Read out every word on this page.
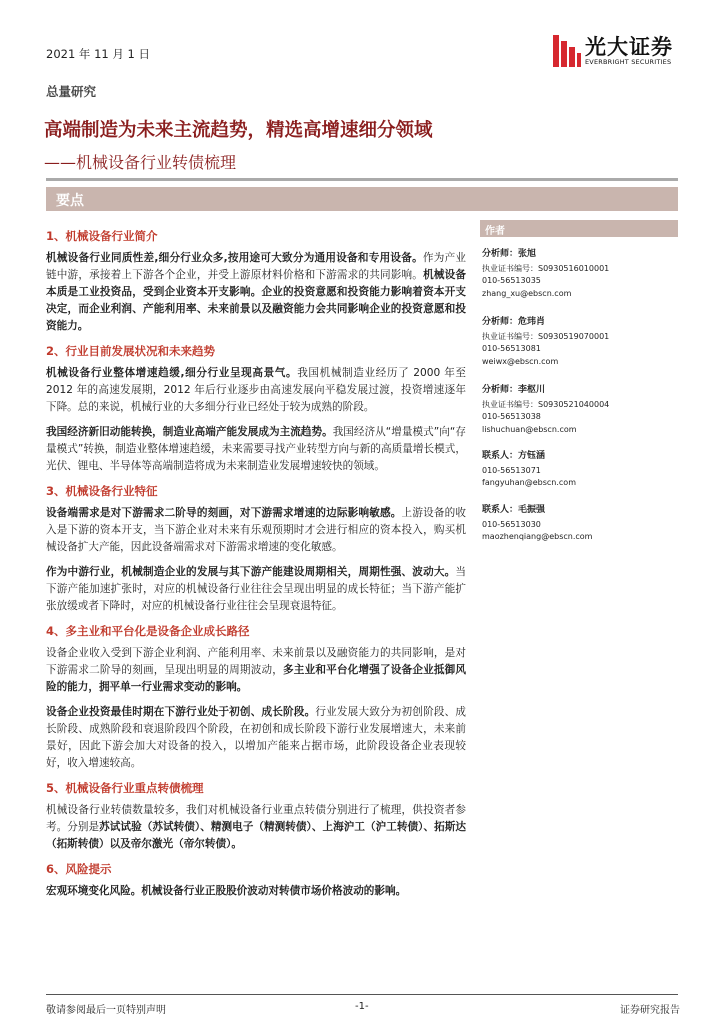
2021 年 11 月 1 日	光大证券
EVERBRIGHT SECURITIES
总量研究
高端制造为未来主流趋势，精选高增速细分领域
——机械设备行业转债梳理
要点
1、机械设备行业简介

机械设备行业同质性差,细分行业众多,按用途可大致分为通用设备和专用设备。作为产业链中游，承接着上下游各个企业，并受上游原材料价格和下游需求的共同影响。机械设备本质是工业投资品，受到企业资本开支影响。企业的投资意愿和投资能力影响着资本开支决定，而企业利润、产能利用率、未来前景以及融资能力会共同影响企业的投资意愿和投资能力。

2、行业目前发展状况和未来趋势

机械设备行业整体增速趋缓,细分行业呈现高景气。我国机械制造业经历了 2000 年至 2012 年的高速发展期，2012 年后行业逐步由高速发展向平稳发展过渡，投资增速逐年下降。总的来说，机械行业的大多细分行业已经处于较为成熟的阶段。

我国经济新旧动能转换，制造业高端产能发展成为主流趋势。我国经济从“增量模式”向“存量模式”转换，制造业整体增速趋缓，未来需要寻找产业转型方向与新的高质量增长模式，光伏、锂电、半导体等高端制造将成为未来制造业发展增速较快的领域。

3、机械设备行业特征

设备端需求是对下游需求二阶导的刻画，对下游需求增速的边际影响敏感。上游设备的收入是下游的资本开支，当下游企业对未来有乐观预期时才会进行相应的资本投入，购买机械设备扩大产能，因此设备端需求对下游需求增速的变化敏感。

作为中游行业，机械制造企业的发展与其下游产能建设周期相关，周期性强、波动大。当下游产能加速扩张时，对应的机械设备行业往往会呈现出明显的成长特征；当下游产能扩张放缓或者下降时，对应的机械设备行业往往会呈现衰退特征。

4、多主业和平台化是设备企业成长路径

设备企业收入受到下游企业利润、产能利用率、未来前景以及融资能力的共同影响，是对下游需求二阶导的刻画，呈现出明显的周期波动，多主业和平台化增强了设备企业抵御风险的能力，拥平单一行业需求变动的影响。

设备企业投资最佳时期在下游行业处于初创、成长阶段。行业发展大致分为初创阶段、成长阶段、成熟阶段和衰退阶段四个阶段，在初创和成长阶段下游行业发展增速大，未来前景好，因此下游会加大对设备的投入，以增加产能来占据市场，此阶段设备企业表现较好，收入增速较高。

5、机械设备行业重点转债梳理

机械设备行业转债数量较多，我们对机械设备行业重点转债分别进行了梳理，供投资者参考。分别是苏试试验（苏试转债）、精测电子（精测转债）、上海沪工（沪工转债）、拓斯达（拓斯转债）以及帝尔激光（帝尔转债）。

6、风险提示

宏观环境变化风险。机械设备行业正股股价波动对转债市场价格波动的影响。

作者
分析师：张旭
执业证书编号：S0930516010001
010-56513035
zhang_xu@ebscn.com
分析师：危玮肖
执业证书编号：S0930519070001
010-56513081
weiwx@ebscn.com
分析师：李枢川
执业证书编号：S0930521040004
010-56513038
lishuchuan@ebscn.com
联系人：方钰涵
010-56513071
fangyuhan@ebscn.com
联系人：毛振强
010-56513030
maozhenqiang@ebscn.com
敬请参阅最后一页特别声明	-1-	证券研究报告
